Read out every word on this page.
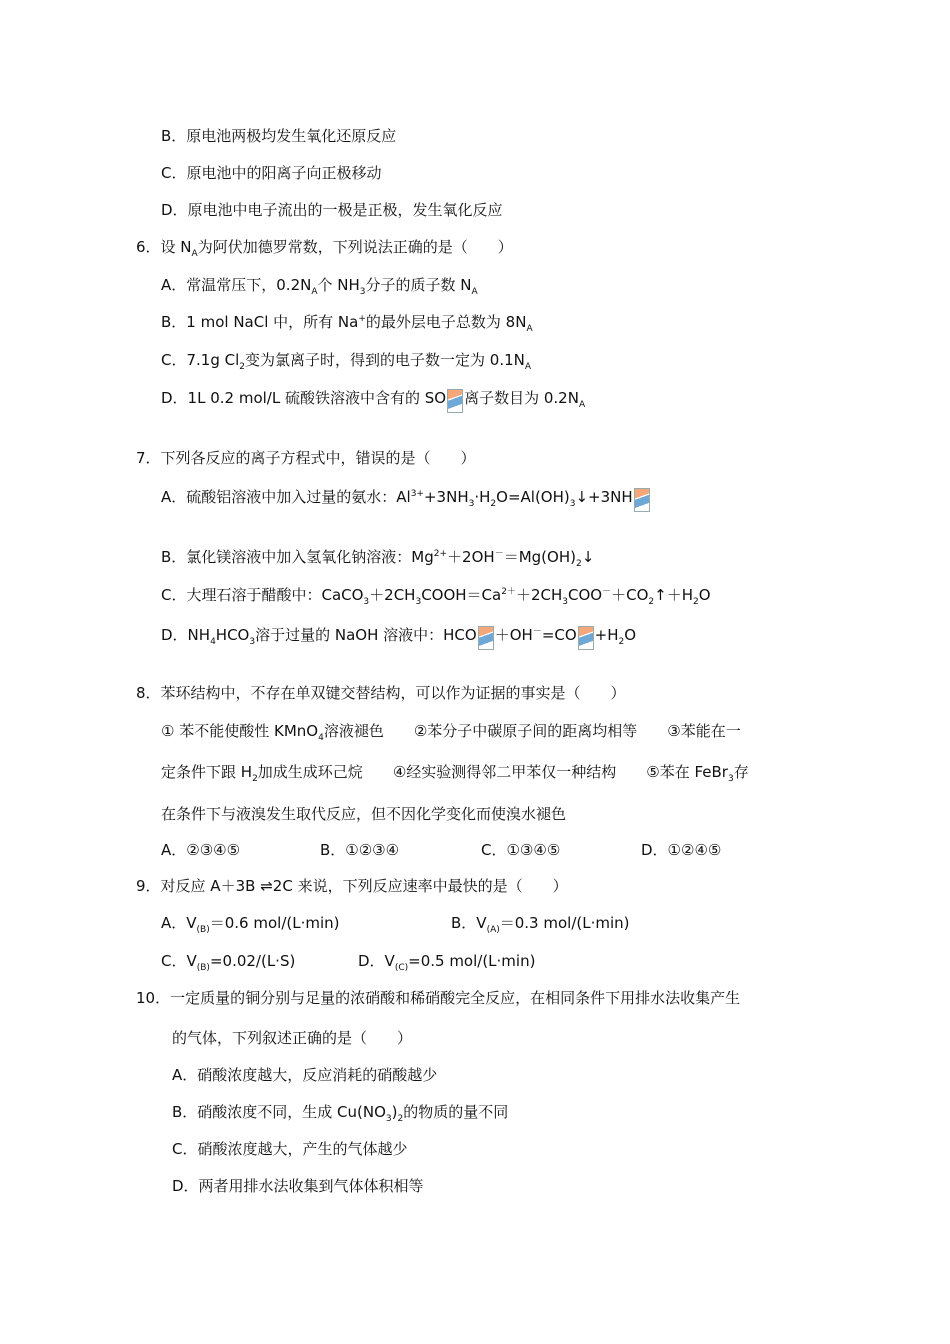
B．原电池两极均发生氧化还原反应
C．原电池中的阳离子向正极移动
D．原电池中电子流出的一极是正极，发生氧化反应
6．设 $N_A$为阿伏加德罗常数，下列说法正确的是（　　）
A．常温常压下，$0.2N_A$个 $NH_3$分子的质子数 $N_A$
B．1 mol NaCl 中，所有 Na+的最外层电子总数为 $8N_A$
C．7.1g $Cl_2$变为氯离子时，得到的电子数一定为 $0.1N_A$
D．1L 0.2 mol/L 硫酸铁溶液中含有的 SO 离子数目为 $0.2N_A$
7．下列各反应的离子方程式中，错误的是（　　）
A．硫酸铝溶液中加入过量的氨水：$Al^{3+}+3NH_3\cdot H_2O=Al(OH)_3↓+3NH$
B．氯化镁溶液中加入氢氧化钠溶液：$Mg^{2+}+2OH^-=Mg(OH)_2↓$
C．大理石溶于醋酸中：$CaCO_3+2CH_3COOH=Ca^{2+}+2CH_3COO^-+CO_2↑+H_2O$
D．$NH_4HCO_3$溶于过量的 NaOH 溶液中：HCO $+OH^-=CO +H_2O$
8．苯环结构中，不存在单双键交替结构，可以作为证据的事实是（　　）
① 苯不能使酸性 KMnO$_4$溶液褪色 ②苯分子中碳原子间的距离均相等 ③苯能在一
定条件下跟 $H_2$加成生成环己烷 ④经实验测得邻二甲苯仅一种结构 ⑤苯在 FeBr$_3$存
在条件下与液溴发生取代反应，但不因化学变化而使溴水褪色
A．②③④⑤	B．①②③④	C．①③④⑤	D．①②④⑤
9．对反应 A＋3B ⇌2C 来说，下列反应速率中最快的是（　　）
A．$V_{(B)}=0.6$ mol/(L·min)	B．$V_{(A)}=0.3$ mol/(L·min)
C．$V_{(B)}=0.02/(L\cdot S)$	D．$V_{(C)}=0.5$ mol/(L·min)
10．一定质量的铜分别与足量的浓硝酸和稀硝酸完全反应，在相同条件下用排水法收集产生
的气体，下列叙述正确的是（　　）
A．硝酸浓度越大，反应消耗的硝酸越少
B．硝酸浓度不同，生成 $Cu(NO_3)_2$的物质的量不同
C．硝酸浓度越大，产生的气体越少
D．两者用排水法收集到气体体积相等
